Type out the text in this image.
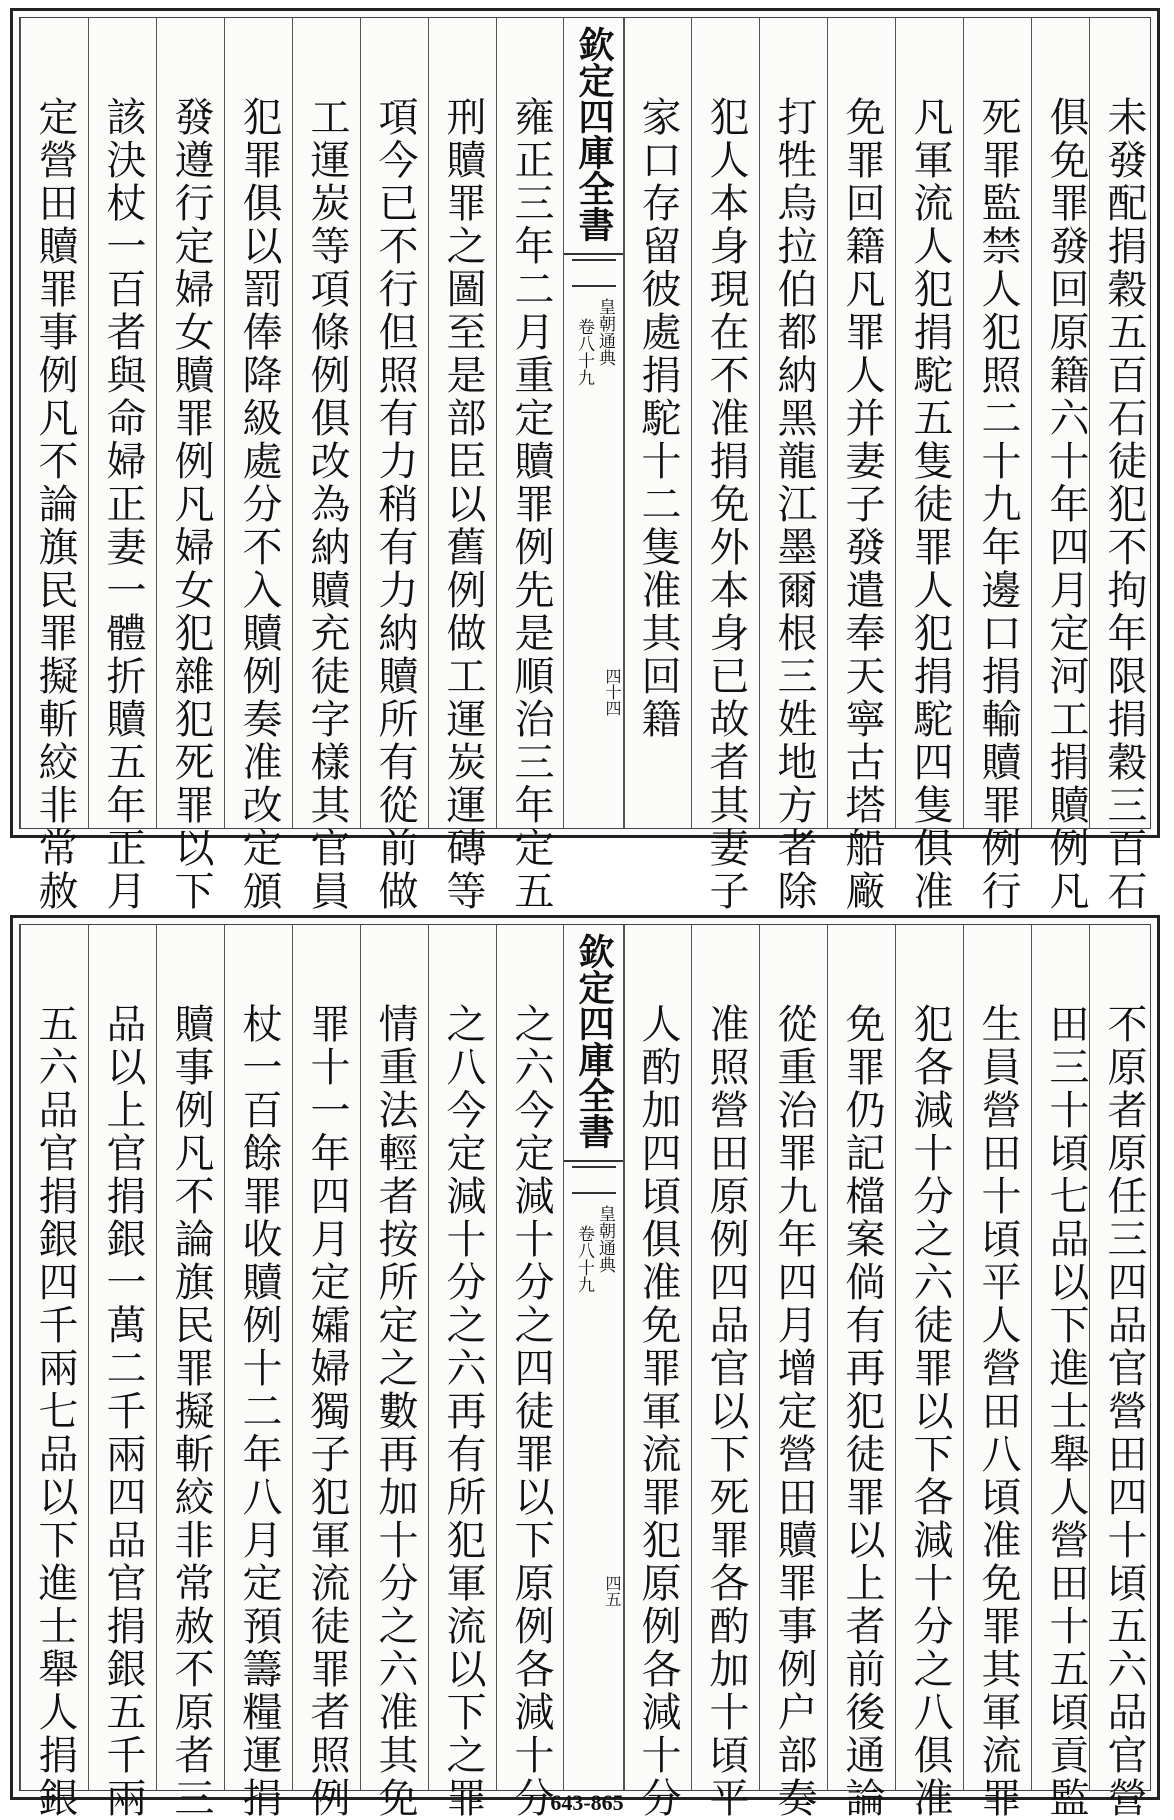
定營田贖罪事例凡不論旗民罪擬斬絞非常赦 該決杖一百者與命婦正妻一體折贖五年正月 發遵行定婦女贖罪例凡婦女犯雜犯死罪以下 犯罪俱以罰俸降級處分不入贖例奏准改定頒 工運炭等項條例俱改為納贖充徒字樣其官員 項今已不行但照有力稍有力納贖所有從前做 刑贖罪之圖至是部臣以舊例做工運炭運磚等 雍正三年二月重定贖罪例先是順治三年定五 欽定四庫全書
皇朝通典
卷八十九
四十四 家口存留彼處捐駝十二隻准其回籍 犯人本身現在不准捐免外本身已故者其妻子 打牲烏拉伯都納黑龍江墨爾根三姓地方者除 免罪回籍凡罪人并妻子發遣奉天寧古塔船廠 凡軍流人犯捐駝五隻徒罪人犯捐駝四隻俱准 死罪監禁人犯照二十九年邊口捐輸贖罪例行 俱免罪發回原籍六十年四月定河工捐贖例凡 未發配捐穀五百石徒犯不拘年限捐穀三百石
五六品官捐銀四千兩七品以下進士舉人捐銀 品以上官捐銀一萬二千兩四品官捐銀五千兩 贖事例凡不論旗民罪擬斬絞非常赦不原者三 杖一百餘罪收贖例十二年八月定預籌糧運捐 罪十一年四月定孀婦獨子犯軍流徒罪者照例 情重法輕者按所定之數再加十分之六准其免 之八今定減十分之六再有所犯軍流以下之罪 之六今定減十分之四徒罪以下原例各減十分 欽定四庫全書
皇朝通典
卷八十九
四五 人酌加四頃俱准免罪軍流罪犯原例各減十分 准照營田原例四品官以下死罪各酌加十頃平 從重治罪九年四月增定營田贖罪事例户部奏 免罪仍記檔案倘有再犯徒罪以上者前後通論 犯各減十分之六徒罪以下各減十分之八俱准 生員營田十頃平人營田八頃准免罪其軍流罪 田三十頃七品以下進士舉人營田十五頃貢監 不原者原任三四品官營田四十頃五六品官營
643-865
